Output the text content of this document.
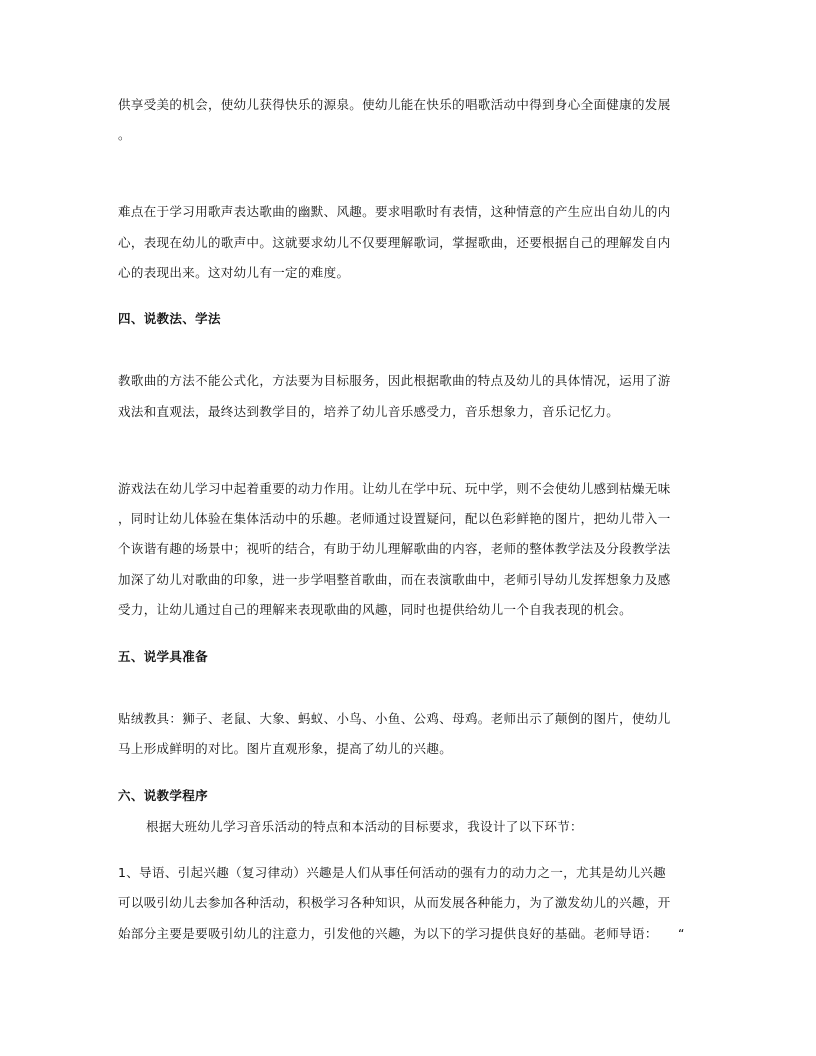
供享受美的机会，使幼儿获得快乐的源泉。使幼儿能在快乐的唱歌活动中得到身心全面健康的发展
。
难点在于学习用歌声表达歌曲的幽默、风趣。要求唱歌时有表情，这种情意的产生应出自幼儿的内
心，表现在幼儿的歌声中。这就要求幼儿不仅要理解歌词，掌握歌曲，还要根据自己的理解发自内
心的表现出来。这对幼儿有一定的难度。
四、说教法、学法
教歌曲的方法不能公式化，方法要为目标服务，因此根据歌曲的特点及幼儿的具体情况，运用了游
戏法和直观法，最终达到教学目的，培养了幼儿音乐感受力，音乐想象力，音乐记忆力。
游戏法在幼儿学习中起着重要的动力作用。让幼儿在学中玩、玩中学，则不会使幼儿感到枯燥无味
，同时让幼儿体验在集体活动中的乐趣。老师通过设置疑问，配以色彩鲜艳的图片，把幼儿带入一
个诙谐有趣的场景中；视听的结合，有助于幼儿理解歌曲的内容，老师的整体教学法及分段教学法
加深了幼儿对歌曲的印象，进一步学唱整首歌曲，而在表演歌曲中，老师引导幼儿发挥想象力及感
受力，让幼儿通过自己的理解来表现歌曲的风趣，同时也提供给幼儿一个自我表现的机会。
五、说学具准备
贴绒教具：狮子、老鼠、大象、蚂蚁、小鸟、小鱼、公鸡、母鸡。老师出示了颠倒的图片，使幼儿
马上形成鲜明的对比。图片直观形象，提高了幼儿的兴趣。
六、说教学程序
根据大班幼儿学习音乐活动的特点和本活动的目标要求，我设计了以下环节：
1、导语、引起兴趣（复习律动）兴趣是人们从事任何活动的强有力的动力之一，尤其是幼儿兴趣
可以吸引幼儿去参加各种活动，积极学习各种知识，从而发展各种能力，为了激发幼儿的兴趣，开
始部分主要是要吸引幼儿的注意力，引发他的兴趣，为以下的学习提供良好的基础。老师导语：	“
